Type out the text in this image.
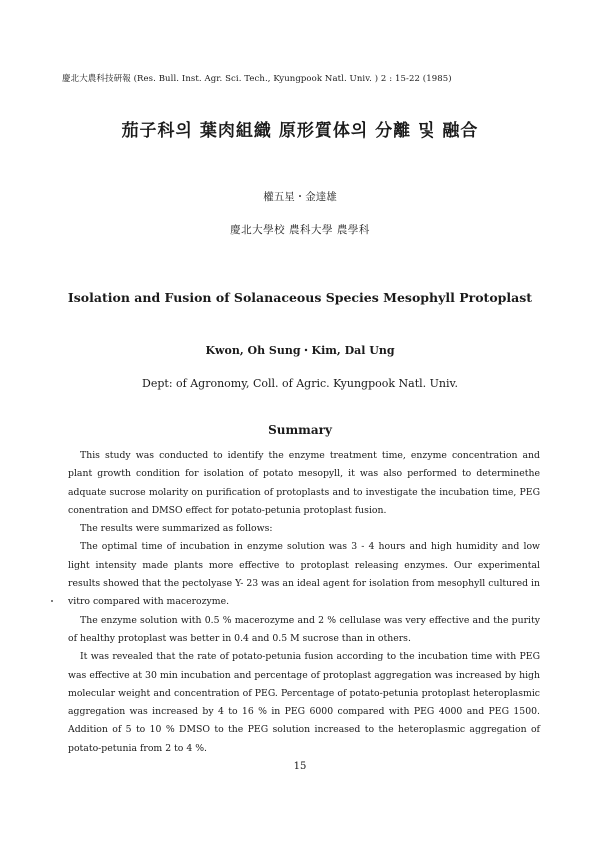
慶北大農科技硏報 (Res. Bull. Inst. Agr. Sci. Tech., Kyungpook Natl. Univ. ) 2 : 15-22 (1985)
茄子科의 葉肉組織 原形質体의 分離 및 融合
權五星・金達雄
慶北大學校 農科大學 農學科
Isolation and Fusion of Solanaceous Species Mesophyll Protoplast
Kwon, Oh Sung・Kim, Dal Ung
Dept: of Agronomy, Coll. of Agric. Kyungpook Natl. Univ.
Summary

This study was conducted to identify the enzyme treatment time, enzyme concentration and plant growth condition for isolation of potato mesopyll, it was also performed to determinethe adquate sucrose molarity on purification of protoplasts and to investigate the incubation time, PEG conentration and DMSO effect for potato-petunia protoplast fusion.

The results were summarized as follows:

The optimal time of incubation in enzyme solution was 3 - 4 hours and high humidity and low light intensity made plants more effective to protoplast releasing enzymes. Our experimental results showed that the pectolyase Y- 23 was an ideal agent for isolation from mesophyll cultured in vitro compared with macerozyme.

The enzyme solution with 0.5 % macerozyme and 2 % cellulase was very effective and the purity of healthy protoplast was better in 0.4 and 0.5 M sucrose than in others.

It was revealed that the rate of potato-petunia fusion according to the incubation time with PEG was effective at 30 min incubation and percentage of protoplast aggregation was increased by high molecular weight and concentration of PEG. Percentage of potato-petunia protoplast heteroplasmic aggregation was increased by 4 to 16 % in PEG 6000 compared with PEG 4000 and PEG 1500. Addition of 5 to 10 % DMSO to the PEG solution increased to the heteroplasmic aggregation of potato-petunia from 2 to 4 %.

15
